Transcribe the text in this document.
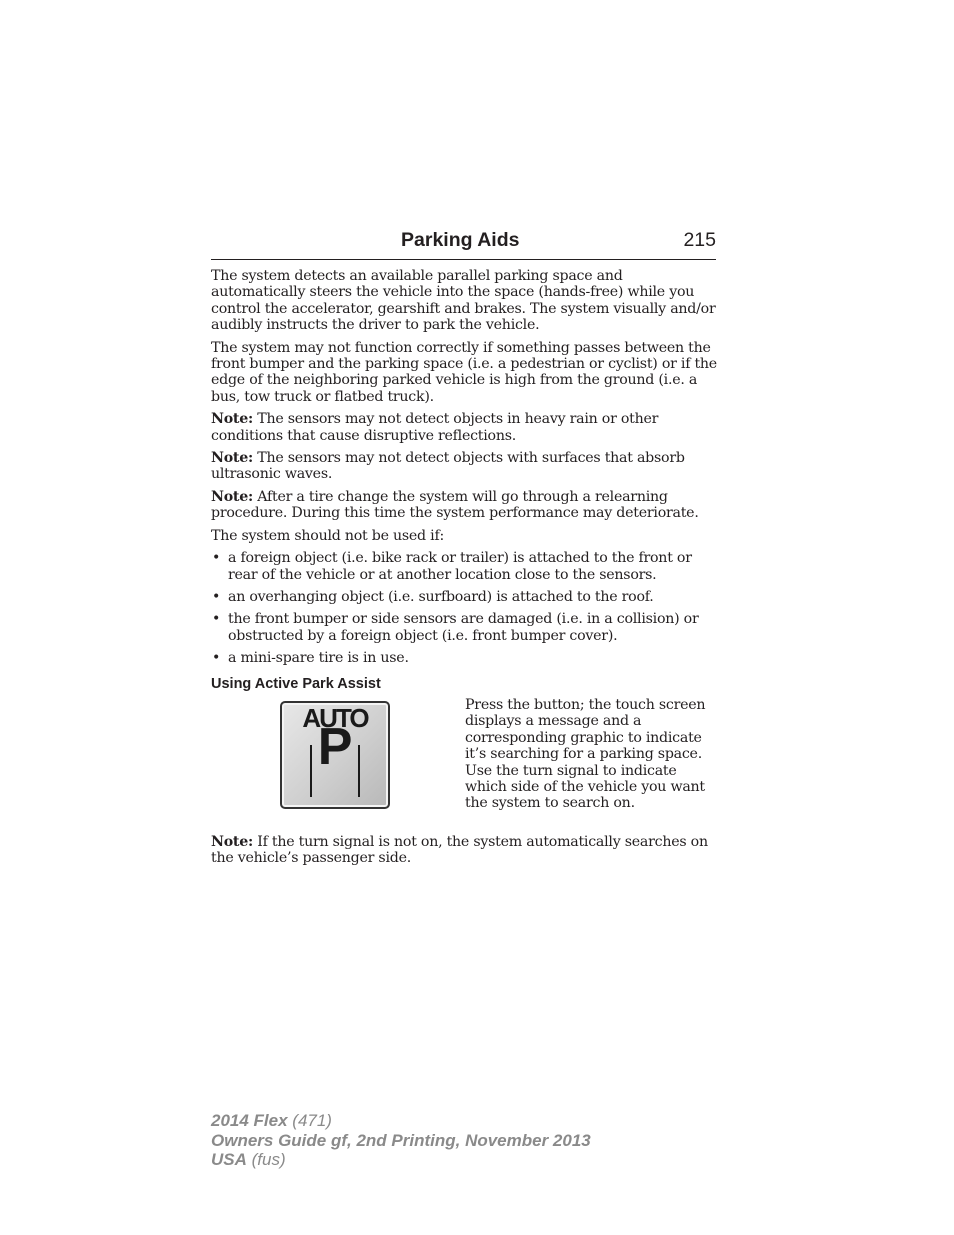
Parking Aids	215

The system detects an available parallel parking space and automatically steers the vehicle into the space (hands-free) while you control the accelerator, gearshift and brakes. The system visually and/or audibly instructs the driver to park the vehicle.

The system may not function correctly if something passes between the front bumper and the parking space (i.e. a pedestrian or cyclist) or if the edge of the neighboring parked vehicle is high from the ground (i.e. a bus, tow truck or flatbed truck).

Note: The sensors may not detect objects in heavy rain or other conditions that cause disruptive reflections.

Note: The sensors may not detect objects with surfaces that absorb ultrasonic waves.

Note: After a tire change the system will go through a relearning procedure. During this time the system performance may deteriorate.

The system should not be used if:

• a foreign object (i.e. bike rack or trailer) is attached to the front or rear of the vehicle or at another location close to the sensors.
• an overhanging object (i.e. surfboard) is attached to the roof.
• the front bumper or side sensors are damaged (i.e. in a collision) or obstructed by a foreign object (i.e. front bumper cover).
• a mini-spare tire is in use.
Using Active Park Assist
AUTO
P
Press the button; the touch screen displays a message and a corresponding graphic to indicate it’s searching for a parking space. Use the turn signal to indicate which side of the vehicle you want the system to search on.

Note: If the turn signal is not on, the system automatically searches on the vehicle’s passenger side.

2014 Flex (471)
Owners Guide gf, 2nd Printing, November 2013
USA (fus)
